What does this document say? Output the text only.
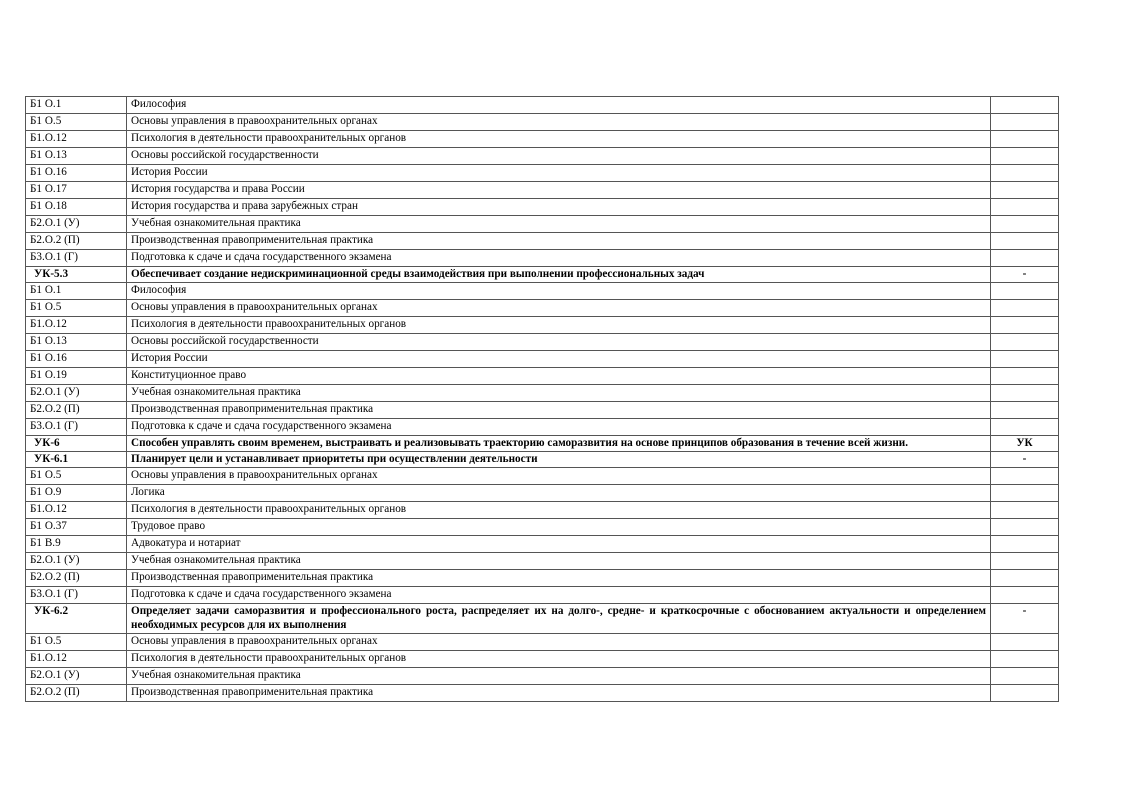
Б1 О.1	Философия	
Б1 О.5	Основы управления в правоохранительных органах	
Б1.О.12	Психология в деятельности правоохранительных органов	
Б1 О.13	Основы российской государственности	
Б1 О.16	История России	
Б1 О.17	История государства и права России	
Б1 О.18	История государства и права зарубежных стран	
Б2.О.1 (У)	Учебная ознакомительная практика	
Б2.О.2 (П)	Производственная правоприменительная практика	
Б3.О.1 (Г)	Подготовка к сдаче и сдача государственного экзамена	
УК-5.3	Обеспечивает создание недискриминационной среды взаимодействия при выполнении профессиональных задач	-
Б1 О.1	Философия	
Б1 О.5	Основы управления в правоохранительных органах	
Б1.О.12	Психология в деятельности правоохранительных органов	
Б1 О.13	Основы российской государственности	
Б1 О.16	История России	
Б1 О.19	Конституционное право	
Б2.О.1 (У)	Учебная ознакомительная практика	
Б2.О.2 (П)	Производственная правоприменительная практика	
Б3.О.1 (Г)	Подготовка к сдаче и сдача государственного экзамена	
УК-6	Способен управлять своим временем, выстраивать и реализовывать траекторию саморазвития на основе принципов образования в течение всей жизни.	УК
УК-6.1	Планирует цели и устанавливает приоритеты при осуществлении деятельности	-
Б1 О.5	Основы управления в правоохранительных органах	
Б1 О.9	Логика	
Б1.О.12	Психология в деятельности правоохранительных органов	
Б1 О.37	Трудовое право	
Б1 В.9	Адвокатура и нотариат	
Б2.О.1 (У)	Учебная ознакомительная практика	
Б2.О.2 (П)	Производственная правоприменительная практика	
Б3.О.1 (Г)	Подготовка к сдаче и сдача государственного экзамена	
УК-6.2	Определяет задачи саморазвития и профессионального роста, распределяет их на долго-, средне- и краткосрочные с обоснованием актуальности и определением необходимых ресурсов для их выполнения	-
Б1 О.5	Основы управления в правоохранительных органах	
Б1.О.12	Психология в деятельности правоохранительных органов	
Б2.О.1 (У)	Учебная ознакомительная практика	
Б2.О.2 (П)	Производственная правоприменительная практика	
